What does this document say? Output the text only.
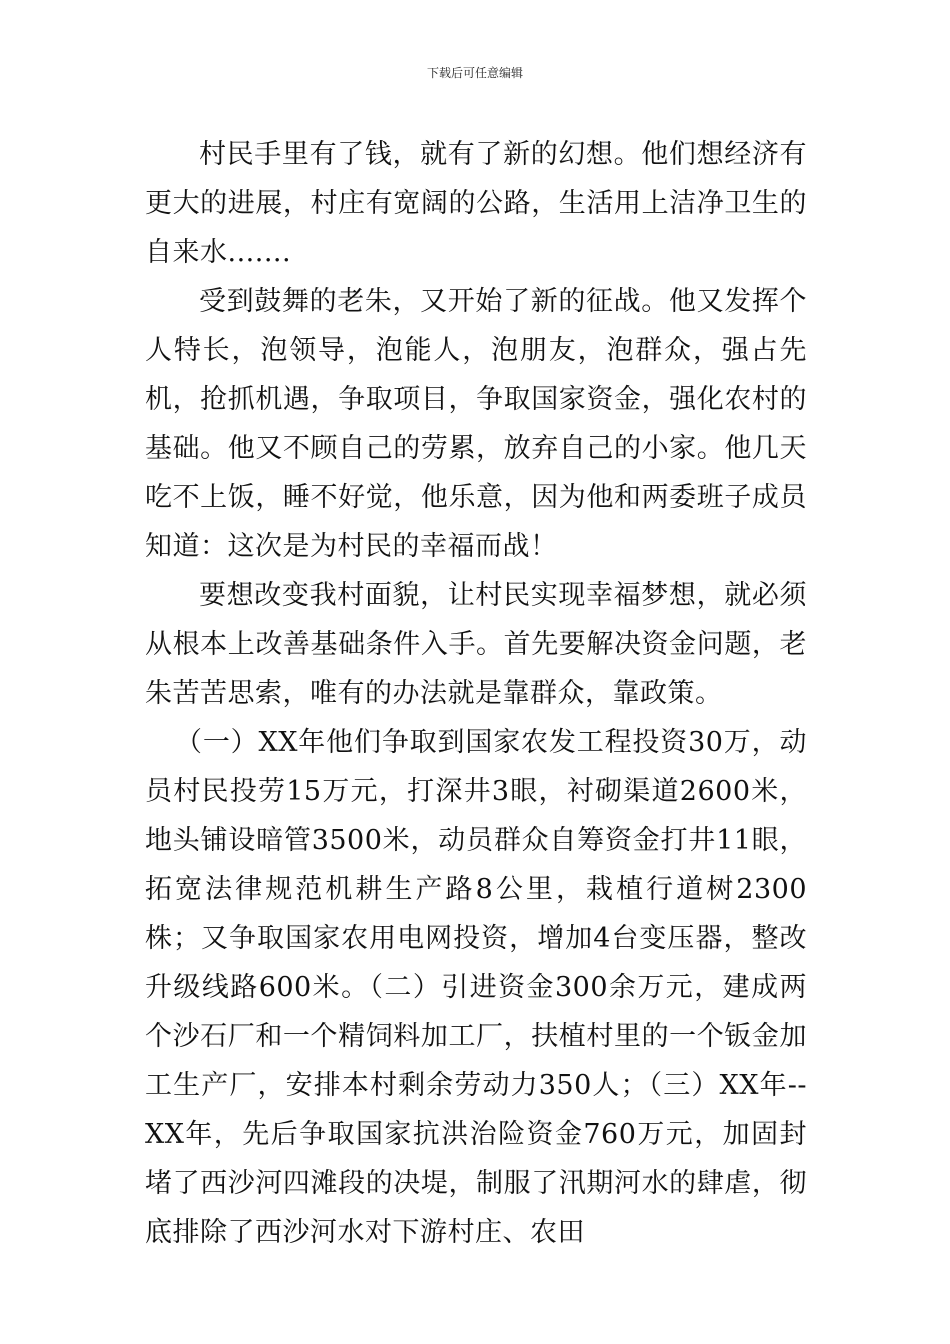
下载后可任意编辑

村民手里有了钱，就有了新的幻想。他们想经济有更大的进展，村庄有宽阔的公路，生活用上洁净卫生的自来水.......

受到鼓舞的老朱，又开始了新的征战。他又发挥个人特长，泡领导，泡能人，泡朋友，泡群众，强占先机，抢抓机遇，争取项目，争取国家资金，强化农村的基础。他又不顾自己的劳累，放弃自己的小家。他几天吃不上饭，睡不好觉，他乐意，因为他和两委班子成员知道：这次是为村民的幸福而战！

要想改变我村面貌，让村民实现幸福梦想，就必须从根本上改善基础条件入手。首先要解决资金问题，老朱苦苦思索，唯有的办法就是靠群众，靠政策。

（一）XX年他们争取到国家农发工程投资30万，动员村民投劳15万元，打深井3眼，衬砌渠道2600米，地头铺设暗管3500米，动员群众自筹资金打井11眼，拓宽法律规范机耕生产路8公里，栽植行道树2300株；又争取国家农用电网投资，增加4台变压器，整改升级线路600米。（二）引进资金300余万元，建成两个沙石厂和一个精饲料加工厂，扶植村里的一个钣金加工生产厂，安排本村剩余劳动力350人；（三）XX年--XX年，先后争取国家抗洪治险资金760万元，加固封堵了西沙河四滩段的决堤，制服了汛期河水的肆虐，彻底排除了西沙河水对下游村庄、农田
